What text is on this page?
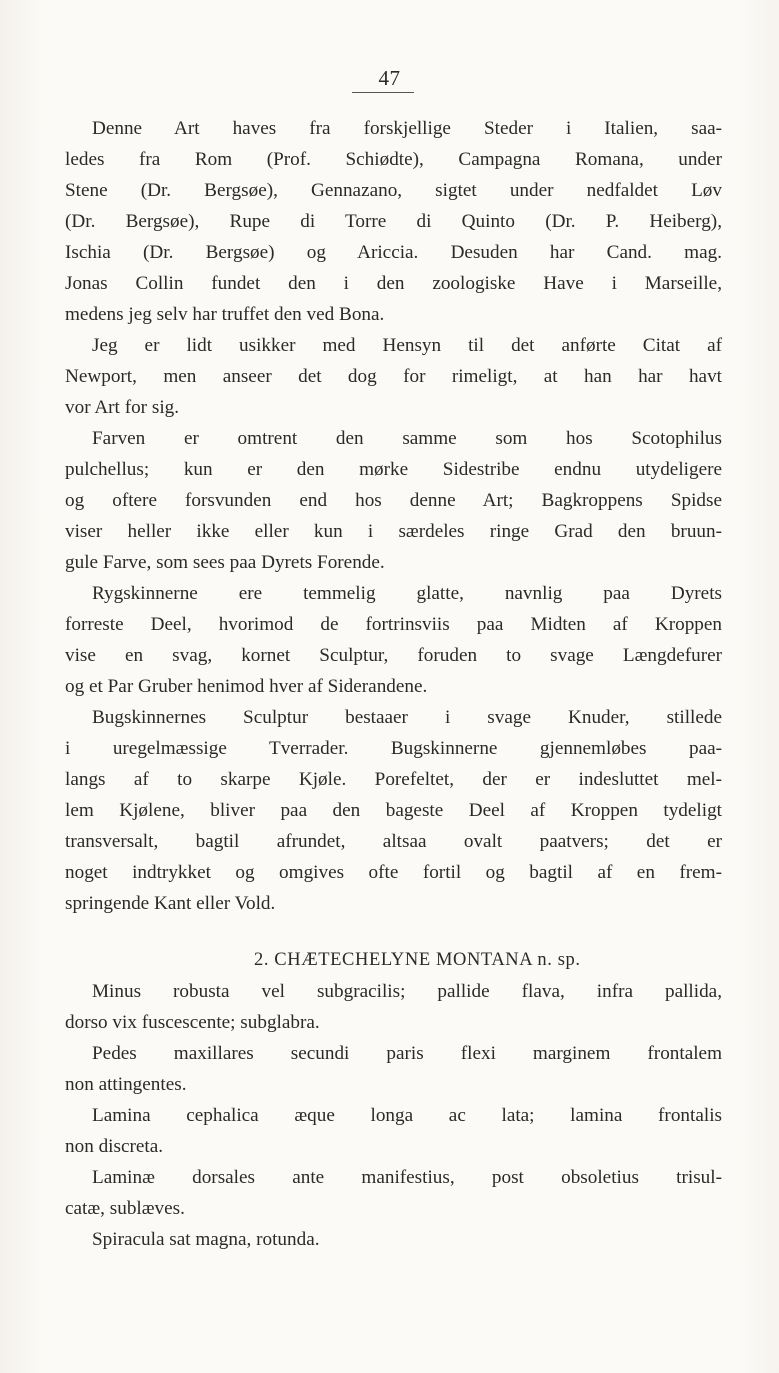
47
Denne Art haves fra forskjellige Steder i Italien, saa-
ledes fra Rom (Prof. Schiødte), Campagna Romana, under
Stene (Dr. Bergsøe), Gennazano, sigtet under nedfaldet Løv
(Dr. Bergsøe), Rupe di Torre di Quinto (Dr. P. Heiberg),
Ischia (Dr. Bergsøe) og Ariccia. Desuden har Cand. mag.
Jonas Collin fundet den i den zoologiske Have i Marseille,
medens jeg selv har truffet den ved Bona.
Jeg er lidt usikker med Hensyn til det anførte Citat af
Newport, men anseer det dog for rimeligt, at han har havt
vor Art for sig.
Farven er omtrent den samme som hos Scotophilus
pulchellus; kun er den mørke Sidestribe endnu utydeligere
og oftere forsvunden end hos denne Art; Bagkroppens Spidse
viser heller ikke eller kun i særdeles ringe Grad den bruun-
gule Farve, som sees paa Dyrets Forende.
Rygskinnerne ere temmelig glatte, navnlig paa Dyrets
forreste Deel, hvorimod de fortrinsviis paa Midten af Kroppen
vise en svag, kornet Sculptur, foruden to svage Længdefurer
og et Par Gruber henimod hver af Siderandene.
Bugskinnernes Sculptur bestaaer i svage Knuder, stillede
i uregelmæssige Tverrader. Bugskinnerne gjennemløbes paa-
langs af to skarpe Kjøle. Porefeltet, der er indesluttet mel-
lem Kjølene, bliver paa den bageste Deel af Kroppen tydeligt
transversalt, bagtil afrundet, altsaa ovalt paatvers; det er
noget indtrykket og omgives ofte fortil og bagtil af en frem-
springende Kant eller Vold.
2. CHÆTECHELYNE MONTANA n. sp.
Minus robusta vel subgracilis; pallide flava, infra pallida,
dorso vix fuscescente; subglabra.
Pedes maxillares secundi paris flexi marginem frontalem
non attingentes.
Lamina cephalica æque longa ac lata; lamina frontalis
non discreta.
Laminæ dorsales ante manifestius, post obsoletius trisul-
catæ, sublæves.
Spiracula sat magna, rotunda.
